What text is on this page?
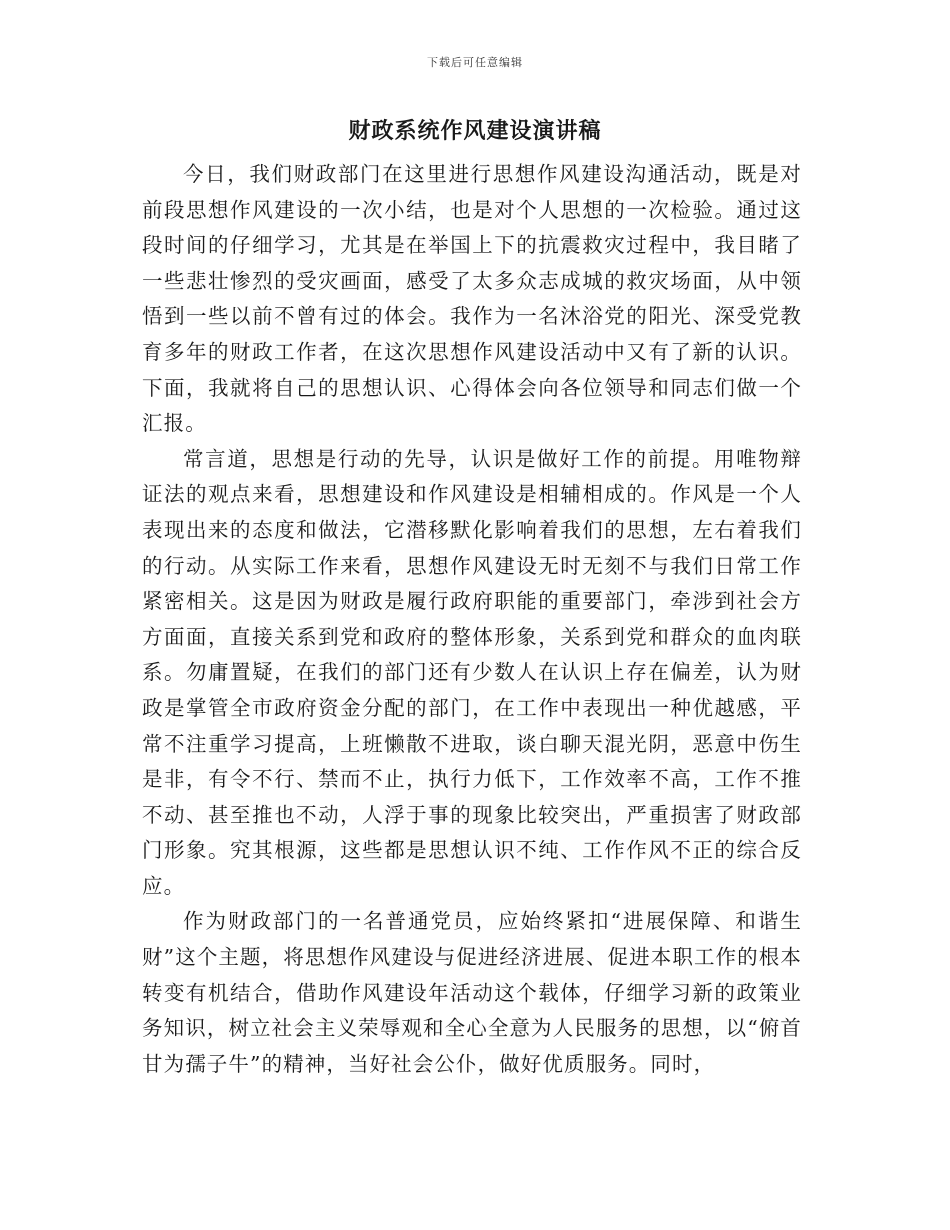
下载后可任意编辑
财政系统作风建设演讲稿

今日，我们财政部门在这里进行思想作风建设沟通活动，既是对前段思想作风建设的一次小结，也是对个人思想的一次检验。通过这段时间的仔细学习，尤其是在举国上下的抗震救灾过程中，我目睹了一些悲壮惨烈的受灾画面，感受了太多众志成城的救灾场面，从中领悟到一些以前不曾有过的体会。我作为一名沐浴党的阳光、深受党教育多年的财政工作者，在这次思想作风建设活动中又有了新的认识。下面，我就将自己的思想认识、心得体会向各位领导和同志们做一个汇报。

常言道，思想是行动的先导，认识是做好工作的前提。用唯物辩证法的观点来看，思想建设和作风建设是相辅相成的。作风是一个人表现出来的态度和做法，它潜移默化影响着我们的思想，左右着我们的行动。从实际工作来看，思想作风建设无时无刻不与我们日常工作紧密相关。这是因为财政是履行政府职能的重要部门，牵涉到社会方方面面，直接关系到党和政府的整体形象，关系到党和群众的血肉联系。勿庸置疑，在我们的部门还有少数人在认识上存在偏差，认为财政是掌管全市政府资金分配的部门，在工作中表现出一种优越感，平常不注重学习提高，上班懒散不进取，谈白聊天混光阴，恶意中伤生是非，有令不行、禁而不止，执行力低下，工作效率不高，工作不推不动、甚至推也不动，人浮于事的现象比较突出，严重损害了财政部门形象。究其根源，这些都是思想认识不纯、工作作风不正的综合反应。

作为财政部门的一名普通党员，应始终紧扣“进展保障、和谐生财”这个主题，将思想作风建设与促进经济进展、促进本职工作的根本转变有机结合，借助作风建设年活动这个载体，仔细学习新的政策业务知识，树立社会主义荣辱观和全心全意为人民服务的思想，以“俯首甘为孺子牛”的精神，当好社会公仆，做好优质服务。同时，
